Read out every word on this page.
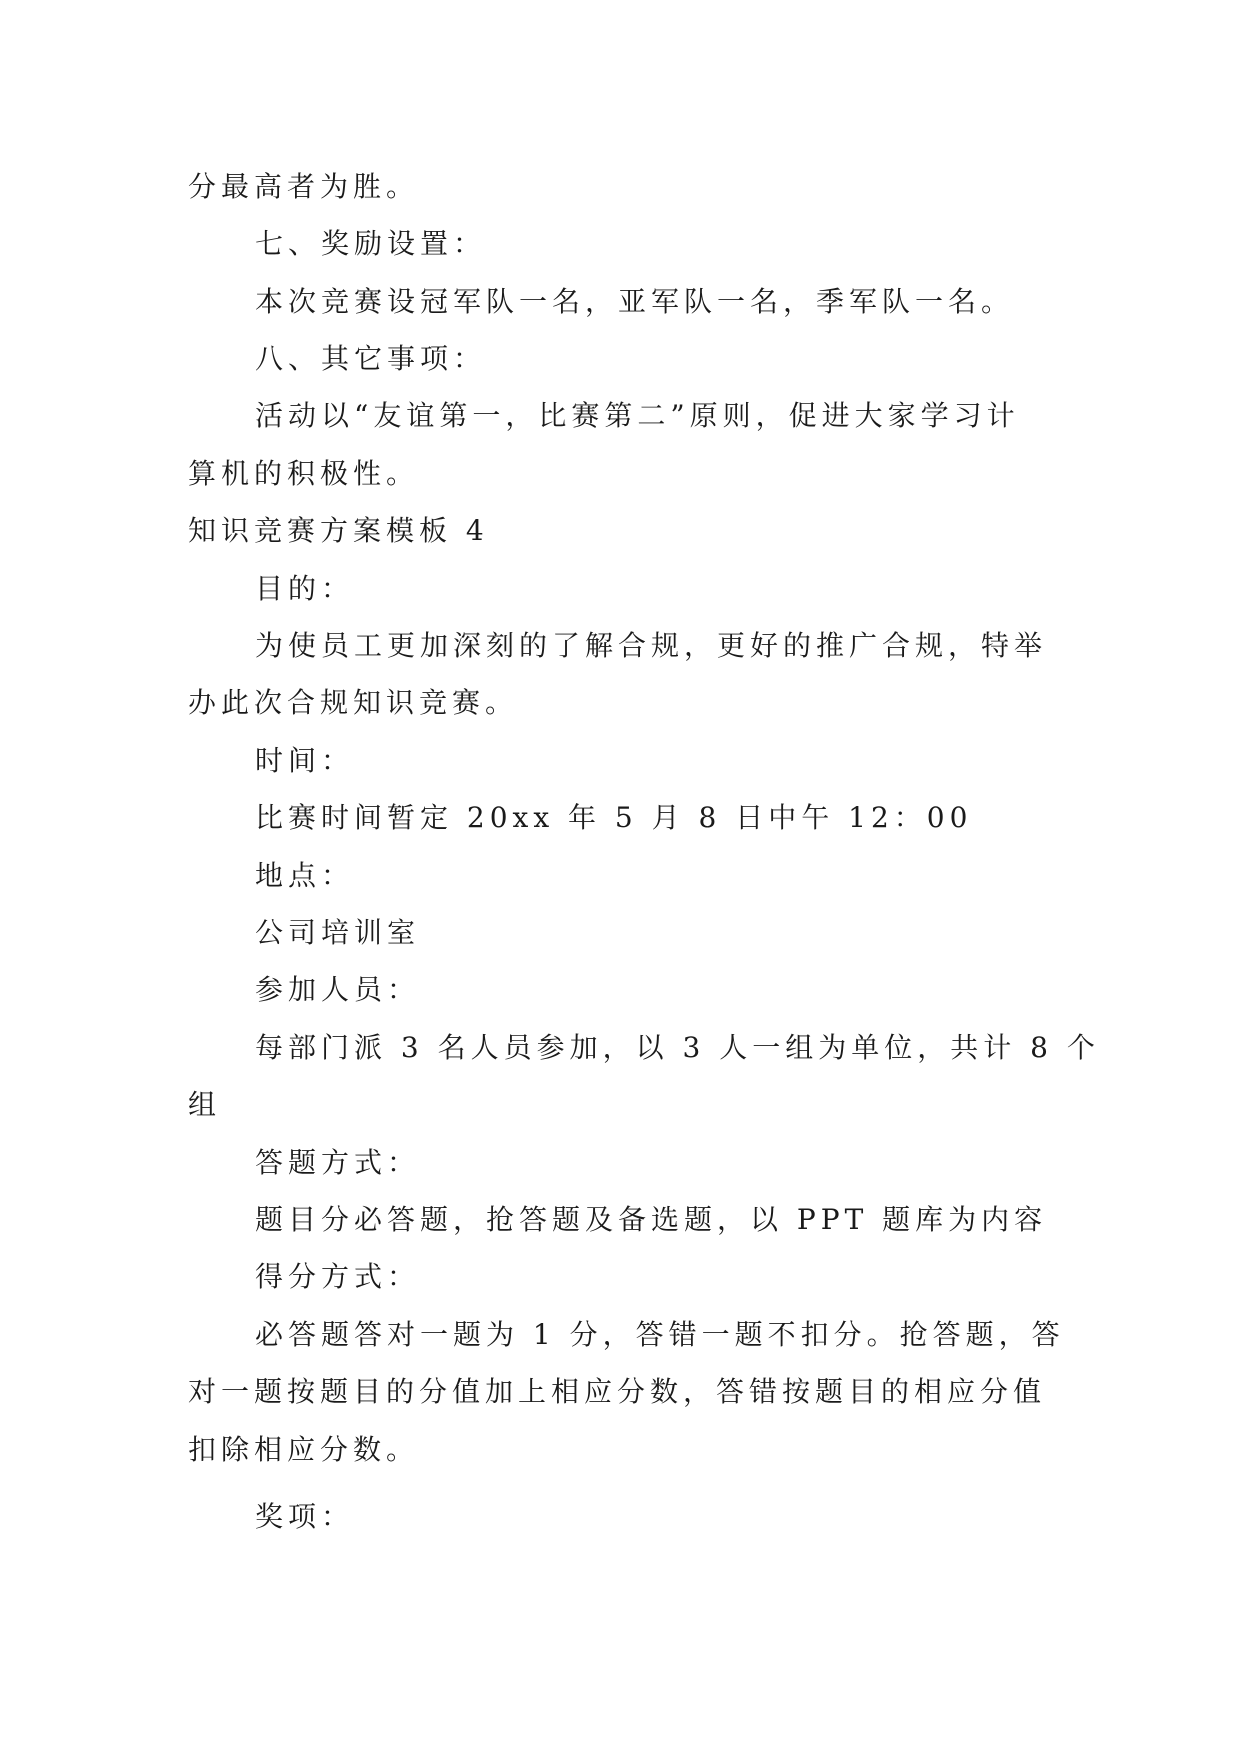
分最高者为胜。
七、奖励设置：
本次竞赛设冠军队一名，亚军队一名，季军队一名。
八、其它事项：
活动以“友谊第一，比赛第二”原则，促进大家学习计
算机的积极性。
知识竞赛方案模板 4
目的：
为使员工更加深刻的了解合规，更好的推广合规，特举
办此次合规知识竞赛。
时间：
比赛时间暂定 20xx 年 5 月 8 日中午 12：00
地点：
公司培训室
参加人员：
每部门派 3 名人员参加，以 3 人一组为单位，共计 8 个
组
答题方式：
题目分必答题，抢答题及备选题，以 PPT 题库为内容
得分方式：
必答题答对一题为 1 分，答错一题不扣分。抢答题，答
对一题按题目的分值加上相应分数，答错按题目的相应分值
扣除相应分数。
奖项：
